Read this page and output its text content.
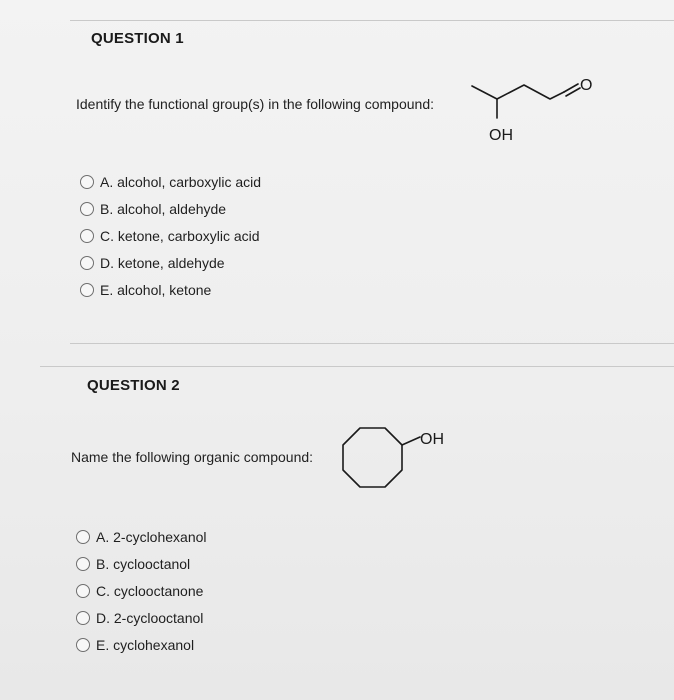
QUESTION 1
Identify the functional group(s) in the following compound:
OH
O
A. alcohol, carboxylic acid
B. alcohol, aldehyde
C. ketone, carboxylic acid
D. ketone, aldehyde
E. alcohol, ketone
QUESTION 2
Name the following organic compound:
OH
A. 2-cyclohexanol
B. cyclooctanol
C. cyclooctanone
D. 2-cyclooctanol
E. cyclohexanol
